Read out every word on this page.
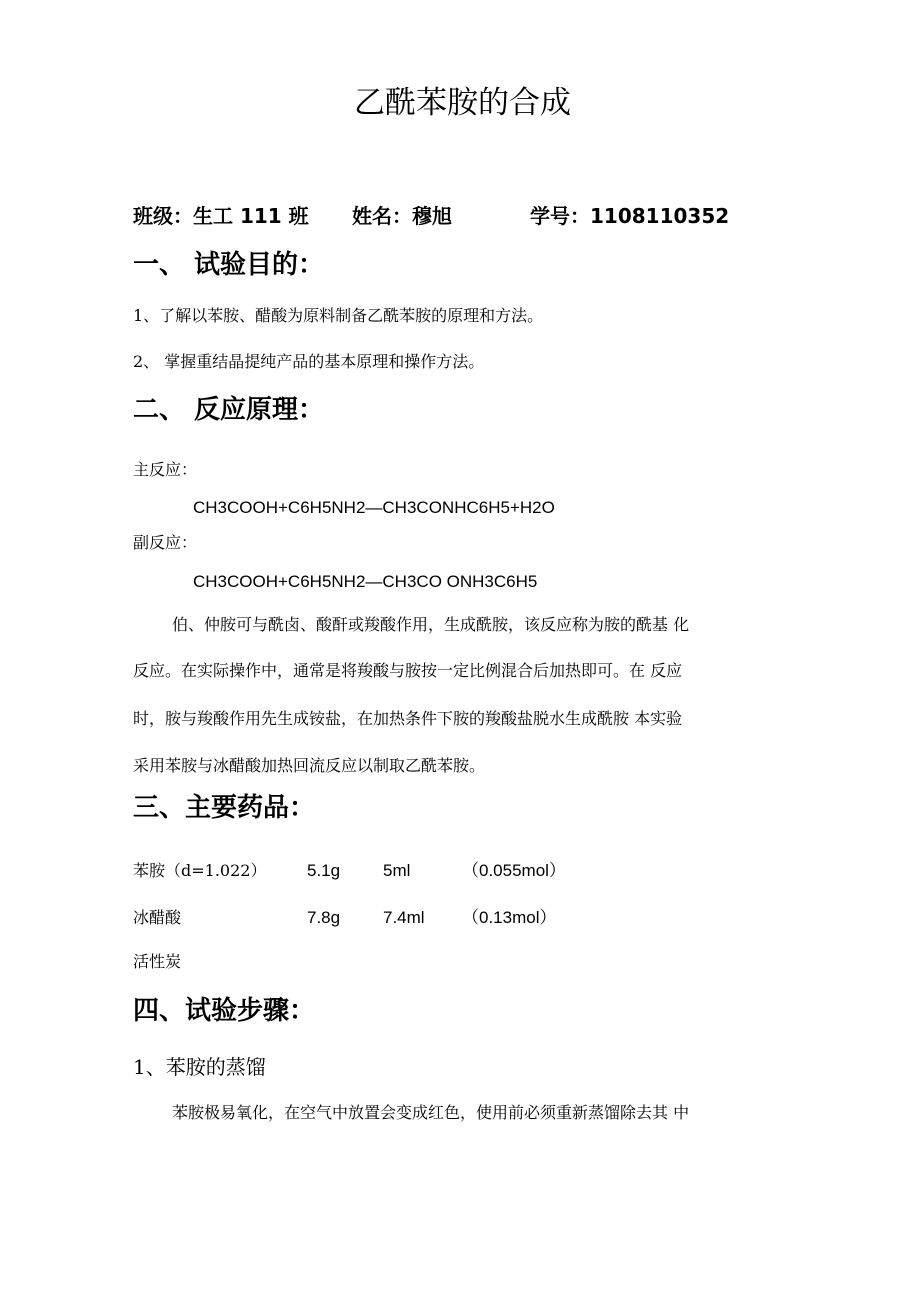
乙酰苯胺的合成
班级：生工 111 班 姓名：穆旭	学号：1108110352
一、 试验目的：
1、了解以苯胺、醋酸为原料制备乙酰苯胺的原理和方法。
2、 掌握重结晶提纯产品的基本原理和操作方法。
二、 反应原理：
主反应：
CH3COOH+C6H5NH2—CH3CONHC6H5+H2O
副反应：
CH3COOH+C6H5NH2—CH3CO ONH3C6H5
伯、仲胺可与酰卤、酸酐或羧酸作用，生成酰胺，该反应称为胺的酰基 化
反应。在实际操作中，通常是将羧酸与胺按一定比例混合后加热即可。在 反应
时，胺与羧酸作用先生成铵盐，在加热条件下胺的羧酸盐脱水生成酰胺 本实验
采用苯胺与冰醋酸加热回流反应以制取乙酰苯胺。
三、主要药品：
苯胺（d=1.022） 5.1g	5ml	（0.055mol）
冰醋酸	7.8g	7.4ml （0.13mol）
活性炭
四、试验步骤：
1、苯胺的蒸馏
苯胺极易氧化，在空气中放置会变成红色，使用前必须重新蒸馏除去其 中
